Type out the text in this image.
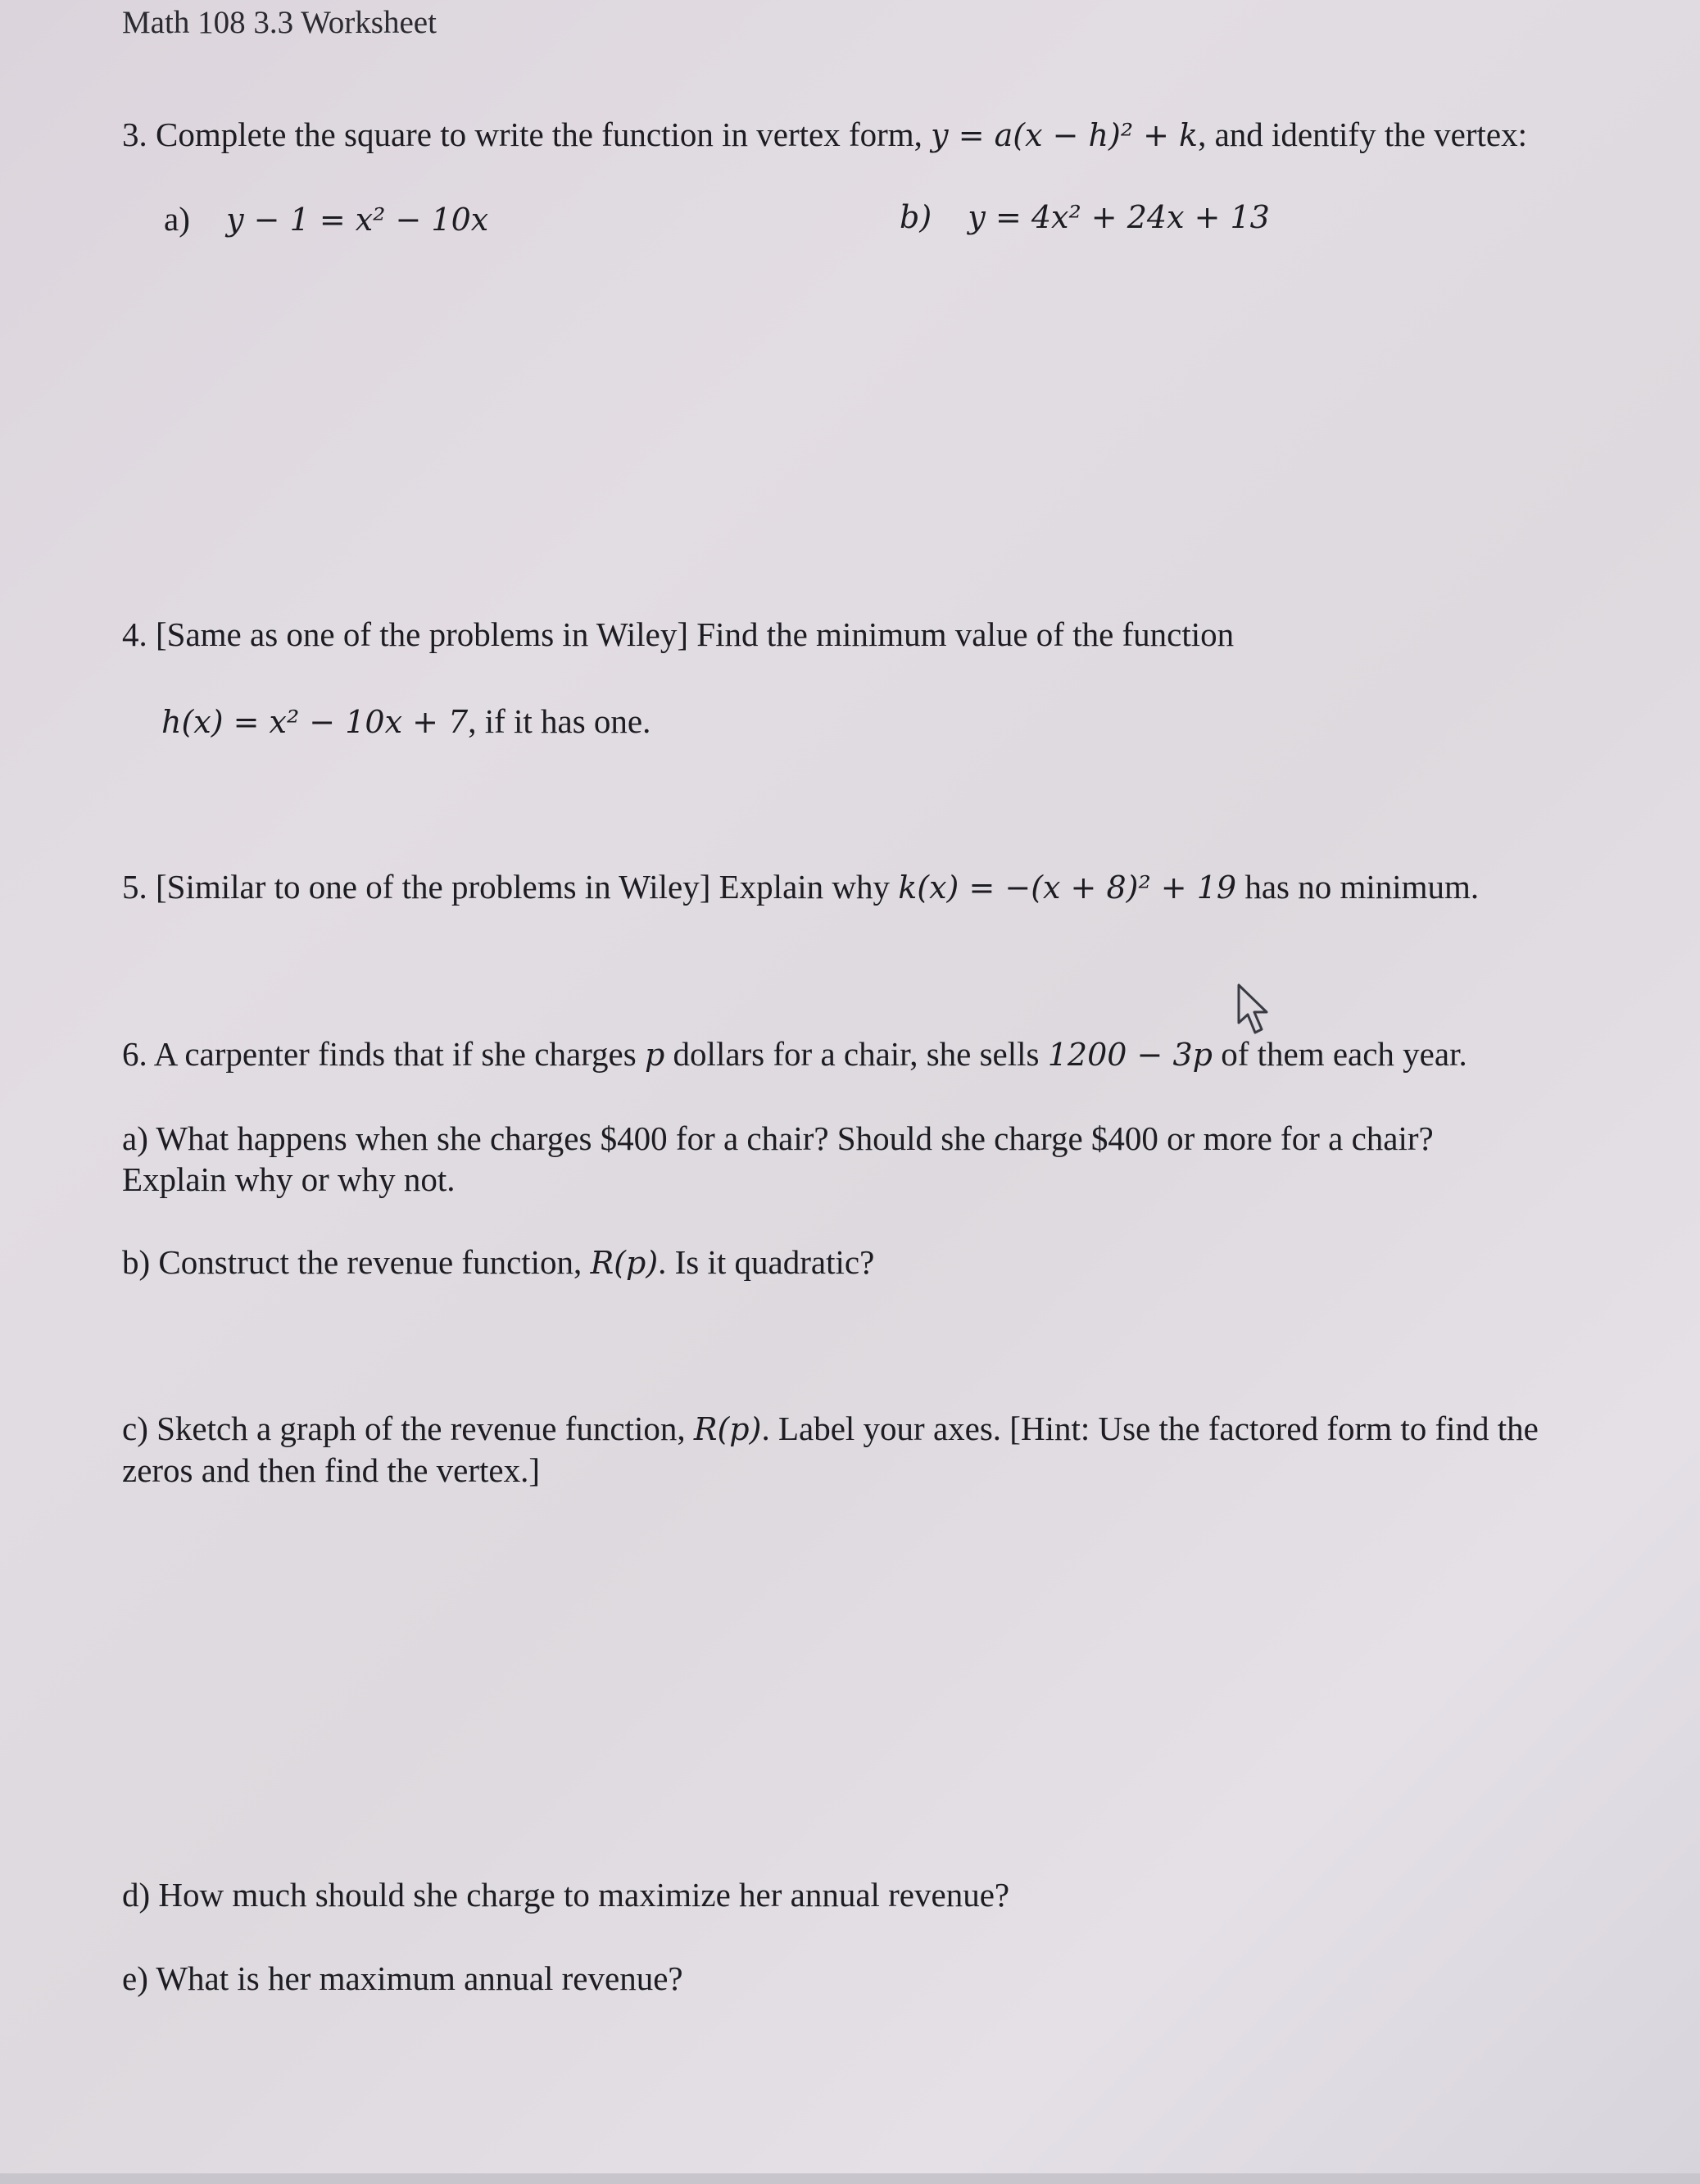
Math 108 3.3 Worksheet
3. Complete the square to write the function in vertex form, y = a(x − h)² + k, and identify the vertex:
a) y − 1 = x² − 10x	b) y = 4x² + 24x + 13
4. [Same as one of the problems in Wiley] Find the minimum value of the function
h(x) = x² − 10x + 7, if it has one.
5. [Similar to one of the problems in Wiley] Explain why k(x) = −(x + 8)² + 19 has no minimum.
6. A carpenter finds that if she charges p dollars for a chair, she sells 1200 − 3p of them each year.
a) What happens when she charges $400 for a chair? Should she charge $400 or more for a chair?
Explain why or why not.
b) Construct the revenue function, R(p). Is it quadratic?
c) Sketch a graph of the revenue function, R(p). Label your axes. [Hint: Use the factored form to find the
zeros and then find the vertex.]
d) How much should she charge to maximize her annual revenue?
e) What is her maximum annual revenue?
